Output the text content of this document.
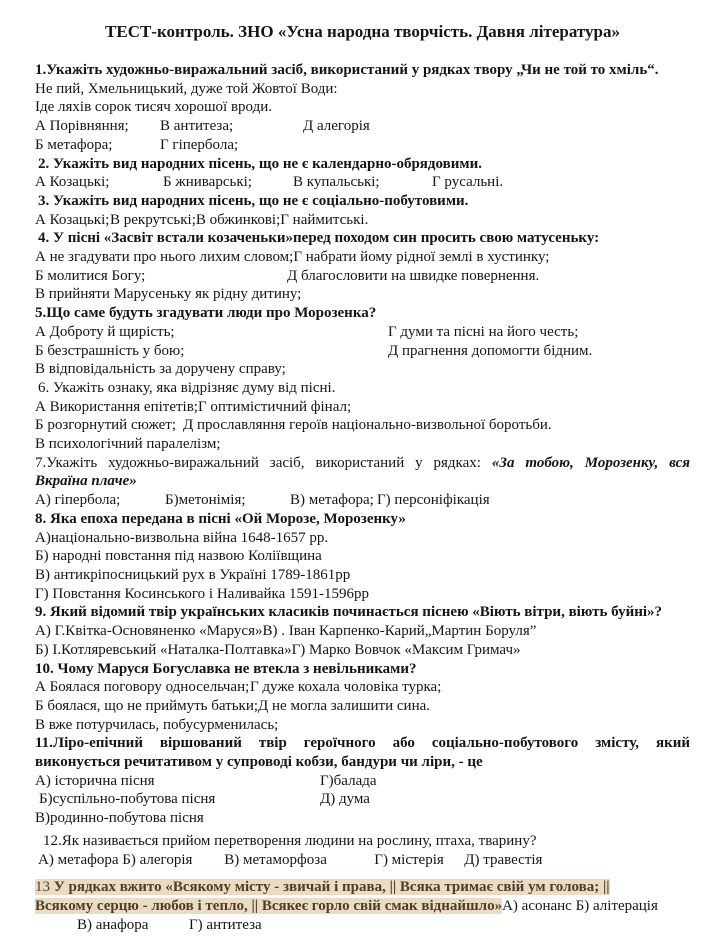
ТЕСТ-контроль. ЗНО «Усна народна творчість. Давня література»
1.Укажіть художньо-виражальний засіб, використаний у рядках твору „Чи не той то хміль“.
Не пий, Хмельницький, дуже той Жовтої Води:
Іде ляхів сорок тисяч хорошої вроди.
А Порівняння; В антитеза;	Д алегорія
Б метафора;	Г гіпербола;
2. Укажіть вид народних пісень, що не є календарно-обрядовими.
А Козацькі;	Б жниварські;	В купальські;	Г русальні.
3. Укажіть вид народних пісень, що не є соціально-побутовими.
А Козацькі;В рекрутські;В обжинкові;Г наймитські.
4. У пісні «Засвіт встали козаченьки»перед походом син просить свою матусеньку:
А не згадувати про нього лихим словом;Г набрати йому рідної землі в хустинку;
Б молитися Богу;	Д благословити на швидке повернення.
В прийняти Марусеньку як рідну дитину;
5.Що саме будуть згадувати люди про Морозенка?
А Доброту й щирість;	Г думи та пісні на його честь;
Б безстрашність у бою;	Д прагнення допомогти бідним.
В відповідальність за доручену справу;
6. Укажіть ознаку, яка відрізняє думу від пісні.
А Використання епітетів;Г оптимістичний фінал;
Б розгорнутий сюжет; Д прославляння героїв національно-визвольної боротьби.
В психологічний паралелізм;
7.Укажіть художньо-виражальний засіб, використаний у рядках: «За тобою, Морозенку, вся
Вкраїна плаче»
А) гіпербола;	Б)метонімія;	В) метафора; Г) персоніфікація
8. Яка епоха передана в пісні «Ой Морозе, Морозенку»
А)національно-визвольна війна 1648-1657 рр.
Б) народні повстання під назвою Коліївщина
В) антикріпосницький рух в Україні 1789-1861рр
Г) Повстання Косинського і Наливайка 1591-1596рр
9. Який відомий твір українських класиків починається піснею «Віють вітри, віють буйні»?
А) Г.Квітка-Основяненко «Маруся»В) . Іван Карпенко-Карий„Мартин Боруля”
Б) І.Котляревський «Наталка-Полтавка»Г) Марко Вовчок «Максим Гримач»
10. Чому Маруся Богуславка не втекла з невільниками?
А Боялася поговору односельчан;Г дуже кохала чоловіка турка;
Б боялася, що не приймуть батьки;Д не могла залишити сина.
В вже потурчилась, побусурменилась;
11.Ліро-епічний віршований твір героїчного або соціально-побутового змісту, який
виконується речитативом у супроводі кобзи, бандури чи ліри, - це
А) історична пісня	Г)балада
Б)суспільно-побутова пісня	Д) дума
В)родинно-побутова пісня
12.Як називається прийом перетворення людини на рослину, птаха, тварину?
А) метафора Б) алегорія В) метаморфоза	Г) містерія Д) травестія
13 У рядках вжито «Всякому місту - звичай і права, || Всяка тримає свій ум голова; ||
Всякому серцю - любов і тепло, || Всякеє горло свій смак віднайшло»А) асонанс Б) алітерація
В) анафора	Г) антитеза
